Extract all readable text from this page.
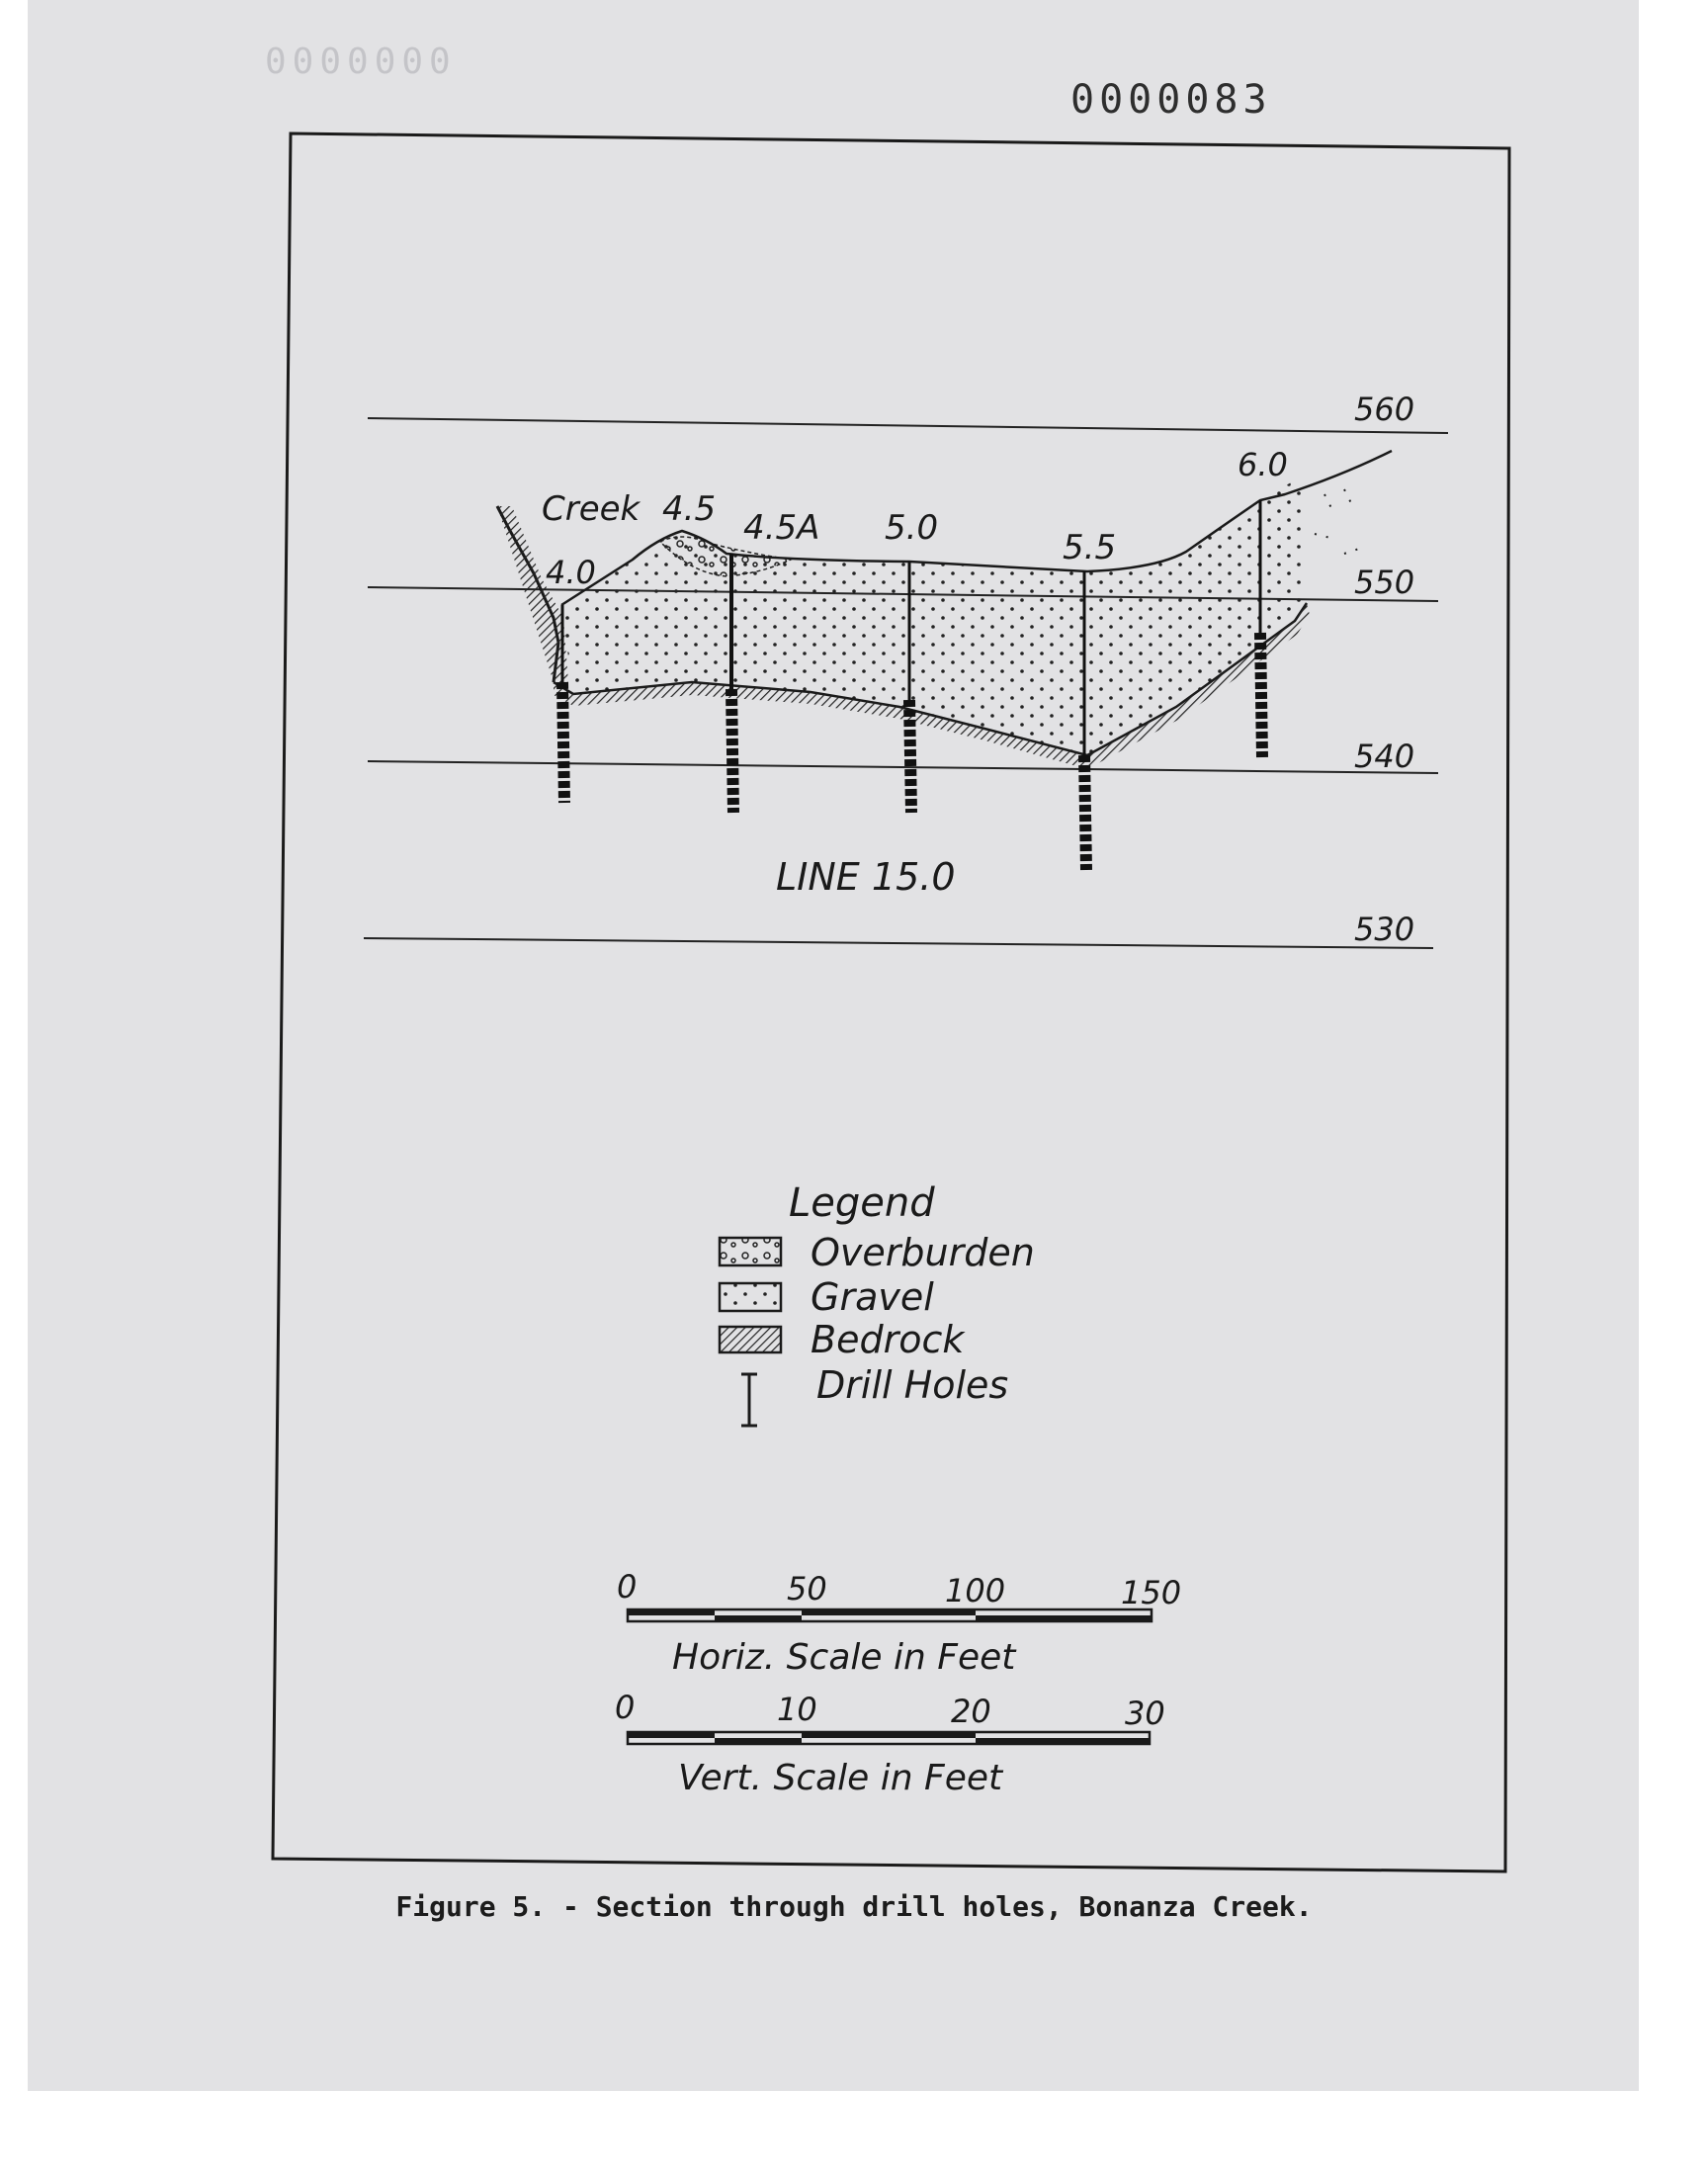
0000000
0000083
560
550
540
530
4.0
Creek 4.5 4.5A 5.0	5.5
6.0
LINE 15.0
Legend
Overburden
Gravel
Bedrock
Drill Holes
0	50	100	150
Horiz. Scale in Feet
0	10	20	30
Vert. Scale in Feet
Figure 5. - Section through drill holes, Bonanza Creek.
